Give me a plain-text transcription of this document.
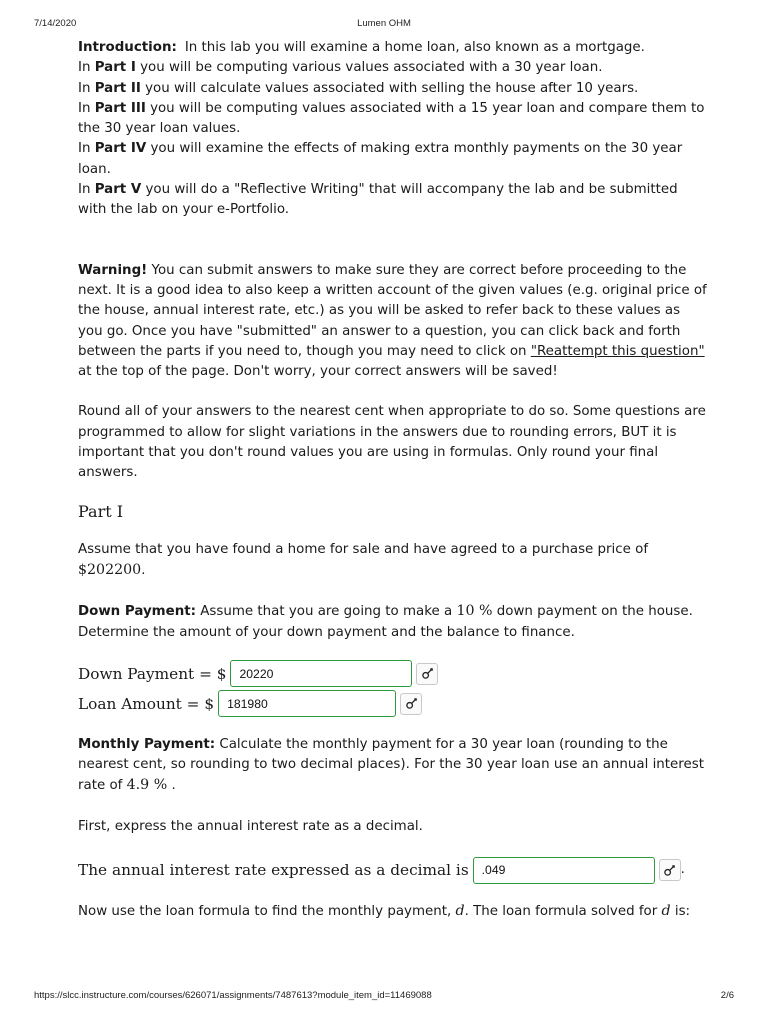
7/14/2020	Lumen OHM

Introduction: In this lab you will examine a home loan, also known as a mortgage.

In Part I you will be computing various values associated with a 30 year loan.

In Part II you will calculate values associated with selling the house after 10 years.

In Part III you will be computing values associated with a 15 year loan and compare them to the 30 year loan values.

In Part IV you will examine the effects of making extra monthly payments on the 30 year loan.

In Part V you will do a "Reflective Writing" that will accompany the lab and be submitted with the lab on your e-Portfolio.

Warning! You can submit answers to make sure they are correct before proceeding to the next. It is a good idea to also keep a written account of the given values (e.g. original price of the house, annual interest rate, etc.) as you will be asked to refer back to these values as you go. Once you have "submitted" an answer to a question, you can click back and forth between the parts if you need to, though you may need to click on "Reattempt this question" at the top of the page. Don't worry, your correct answers will be saved!

Round all of your answers to the nearest cent when appropriate to do so. Some questions are programmed to allow for slight variations in the answers due to rounding errors, BUT it is important that you don't round values you are using in formulas. Only round your final answers.

Part I

Assume that you have found a home for sale and have agreed to a purchase price of
$202200.

Down Payment: Assume that you are going to make a 10 % down payment on the house. Determine the amount of your down payment and the balance to finance.

Down Payment = $	20220
Loan Amount = $	181980

Monthly Payment: Calculate the monthly payment for a 30 year loan (rounding to the nearest cent, so rounding to two decimal places). For the 30 year loan use an annual interest rate of 4.9 % .

First, express the annual interest rate as a decimal.

The annual interest rate expressed as a decimal is	.049	.

Now use the loan formula to find the monthly payment, d. The loan formula solved for d is:

https://slcc.instructure.com/courses/626071/assignments/7487613?module_item_id=11469088	2/6
